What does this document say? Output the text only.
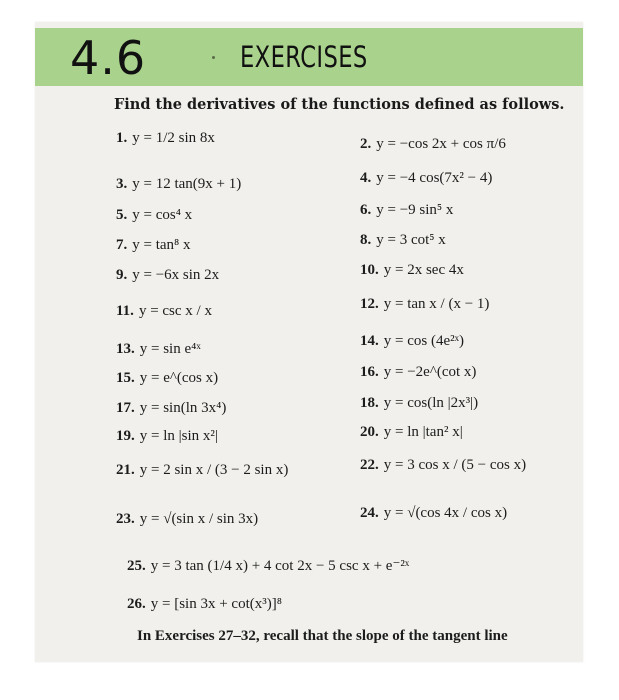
4.6	EXERCISES
Find the derivatives of the functions defined as follows.
1. y = 1/2 sin 8x
3. y = 12 tan(9x + 1)
5. y = cos⁴ x
7. y = tan⁸ x
9. y = −6x sin 2x
11. y = csc x / x
13. y = sin e⁴ˣ
15. y = e^(cos x)
17. y = sin(ln 3x⁴)
19. y = ln |sin x²|
21. y = 2 sin x / (3 − 2 sin x)
23. y = √(sin x / sin 3x)
2. y = −cos 2x + cos π/6
4. y = −4 cos(7x² − 4)
6. y = −9 sin⁵ x
8. y = 3 cot⁵ x
10. y = 2x sec 4x
12. y = tan x / (x − 1)
14. y = cos (4e²ˣ)
16. y = −2e^(cot x)
18. y = cos(ln |2x³|)
20. y = ln |tan² x|
22. y = 3 cos x / (5 − cos x)
24. y = √(cos 4x / cos x)
25. y = 3 tan (1/4 x) + 4 cot 2x − 5 csc x + e⁻²ˣ
26. y = [sin 3x + cot(x³)]⁸
In Exercises 27–32, recall that the slope of the tangent line
